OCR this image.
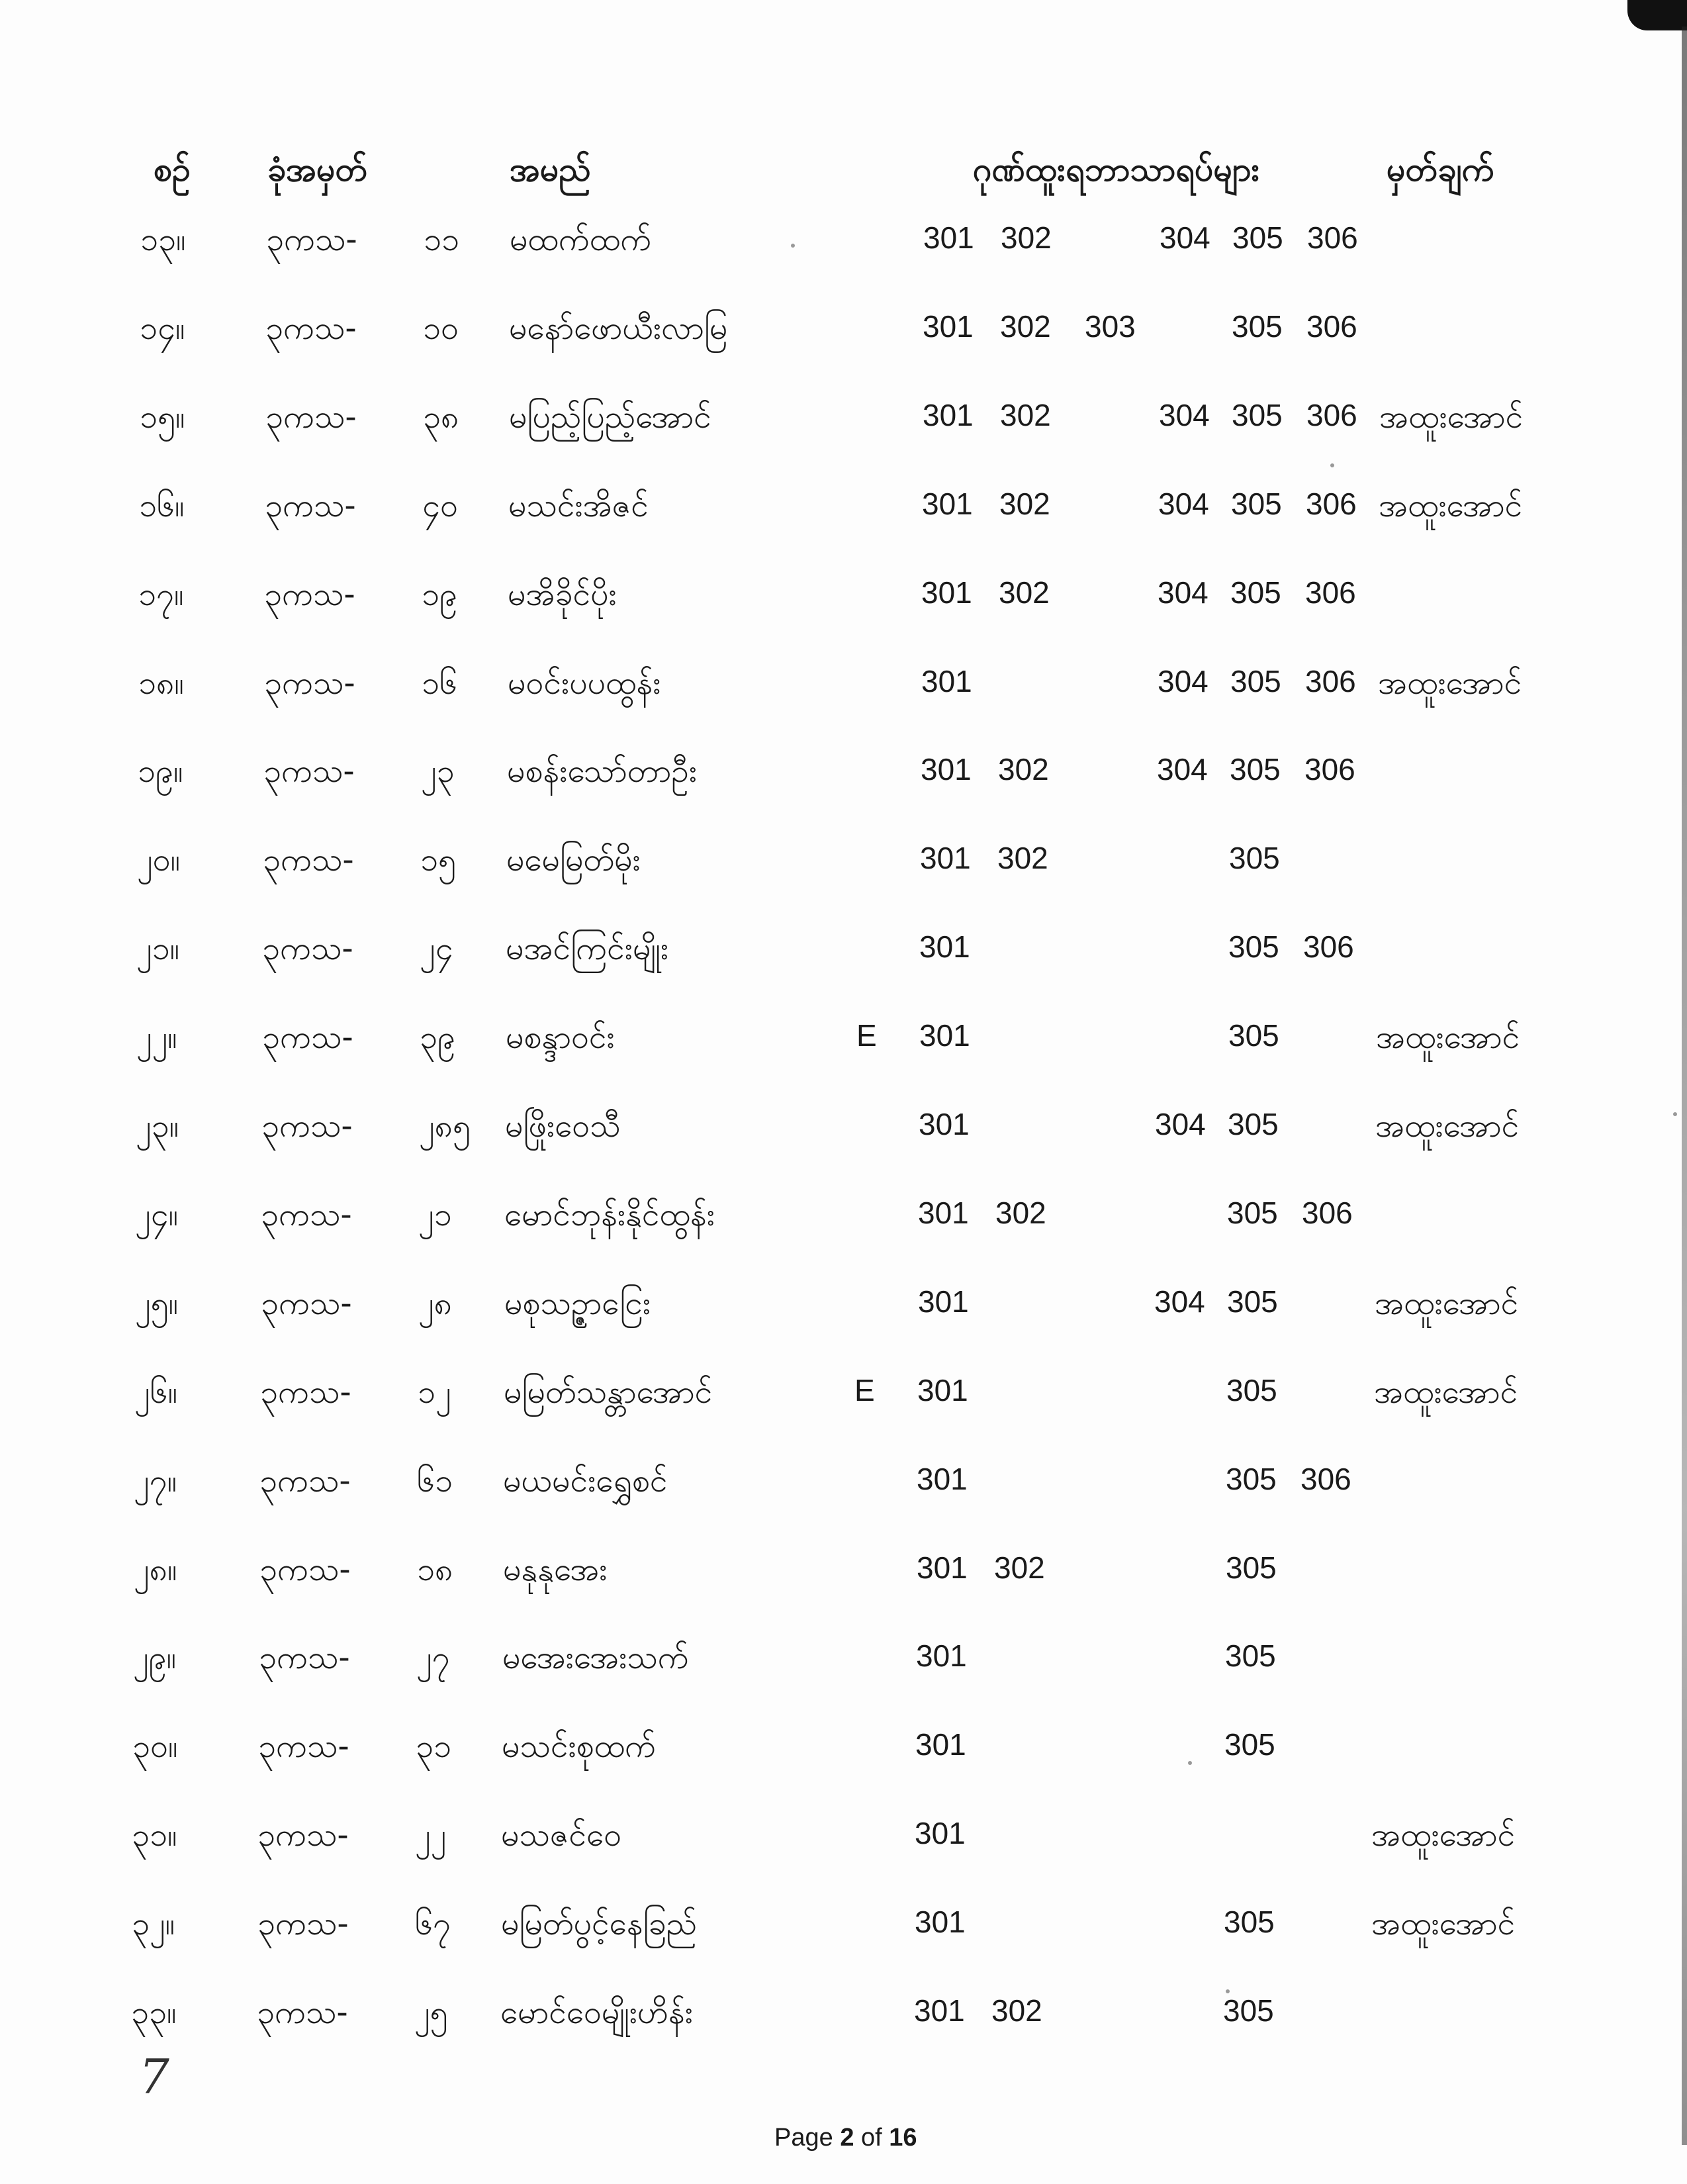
စဥ် ခုံအမှတ်	အမည်	ဂုဏ်ထူးရဘာသာရပ်များ	မှတ်ချက်
၁၃။	၃ကသ- ၁၁ မထက်ထက်	301 302	304 305 306
၁၄။	၃ကသ- ၁၀ မနော်ဖောယီးလာမြ	301 302 303	305 306
၁၅။	၃ကသ- ၃၈ မပြည့်ပြည့်အောင်	301 302	304 305 306 အထူးအောင်
၁၆။	၃ကသ- ၄၀ မသင်းအိဇင်	301 302	304 305 306 အထူးအောင်
၁၇။	၃ကသ- ၁၉ မအိခိုင်ပိုး	301 302	304 305 306
၁၈။	၃ကသ- ၁၆ မဝင်းပပထွန်း	301	304 305 306 အထူးအောင်
၁၉။	၃ကသ- ၂၃ မစန်းသော်တာဦး	301 302	304 305 306
၂၀။	၃ကသ- ၁၅ မမေမြတ်မိုး	301 302	305
၂၁။	၃ကသ- ၂၄ မအင်ကြင်းမျိုး	301	305 306
၂၂။	၃ကသ- ၃၉ မစန္ဒာဝင်း	E 301	305	အထူးအောင်
၂၃။	၃ကသ- ၂၈၅ မဖြိုးဝေသီ	301	304 305	အထူးအောင်
၂၄။	၃ကသ- ၂၁ မောင်ဘုန်းနိုင်ထွန်း	301 302	305 306
၂၅။	၃ကသ- ၂၈ မစုသဥ္ဇာငြေး	301	304 305	အထူးအောင်
၂၆။	၃ကသ- ၁၂ မမြတ်သန္တာအောင်	E 301	305	အထူးအောင်
၂၇။	၃ကသ- ၆၁ မယမင်းရွှေစင်	301	305 306
၂၈။	၃ကသ- ၁၈ မနုနုအေး	301 302	305
၂၉။	၃ကသ- ၂၇ မအေးအေးသက်	301	305
၃၀။	၃ကသ- ၃၁ မသင်းစုထက်	301	305
၃၁။	၃ကသ- ၂၂ မသဇင်ဝေ	301	အထူးအောင်
၃၂။	၃ကသ- ၆၇ မမြတ်ပွင့်နေခြည်	301	305	အထူးအောင်
၃၃။	၃ကသ- ၂၅ မောင်ဝေမျိုးဟိန်း	301 302	305
7
Page 2 of 16
